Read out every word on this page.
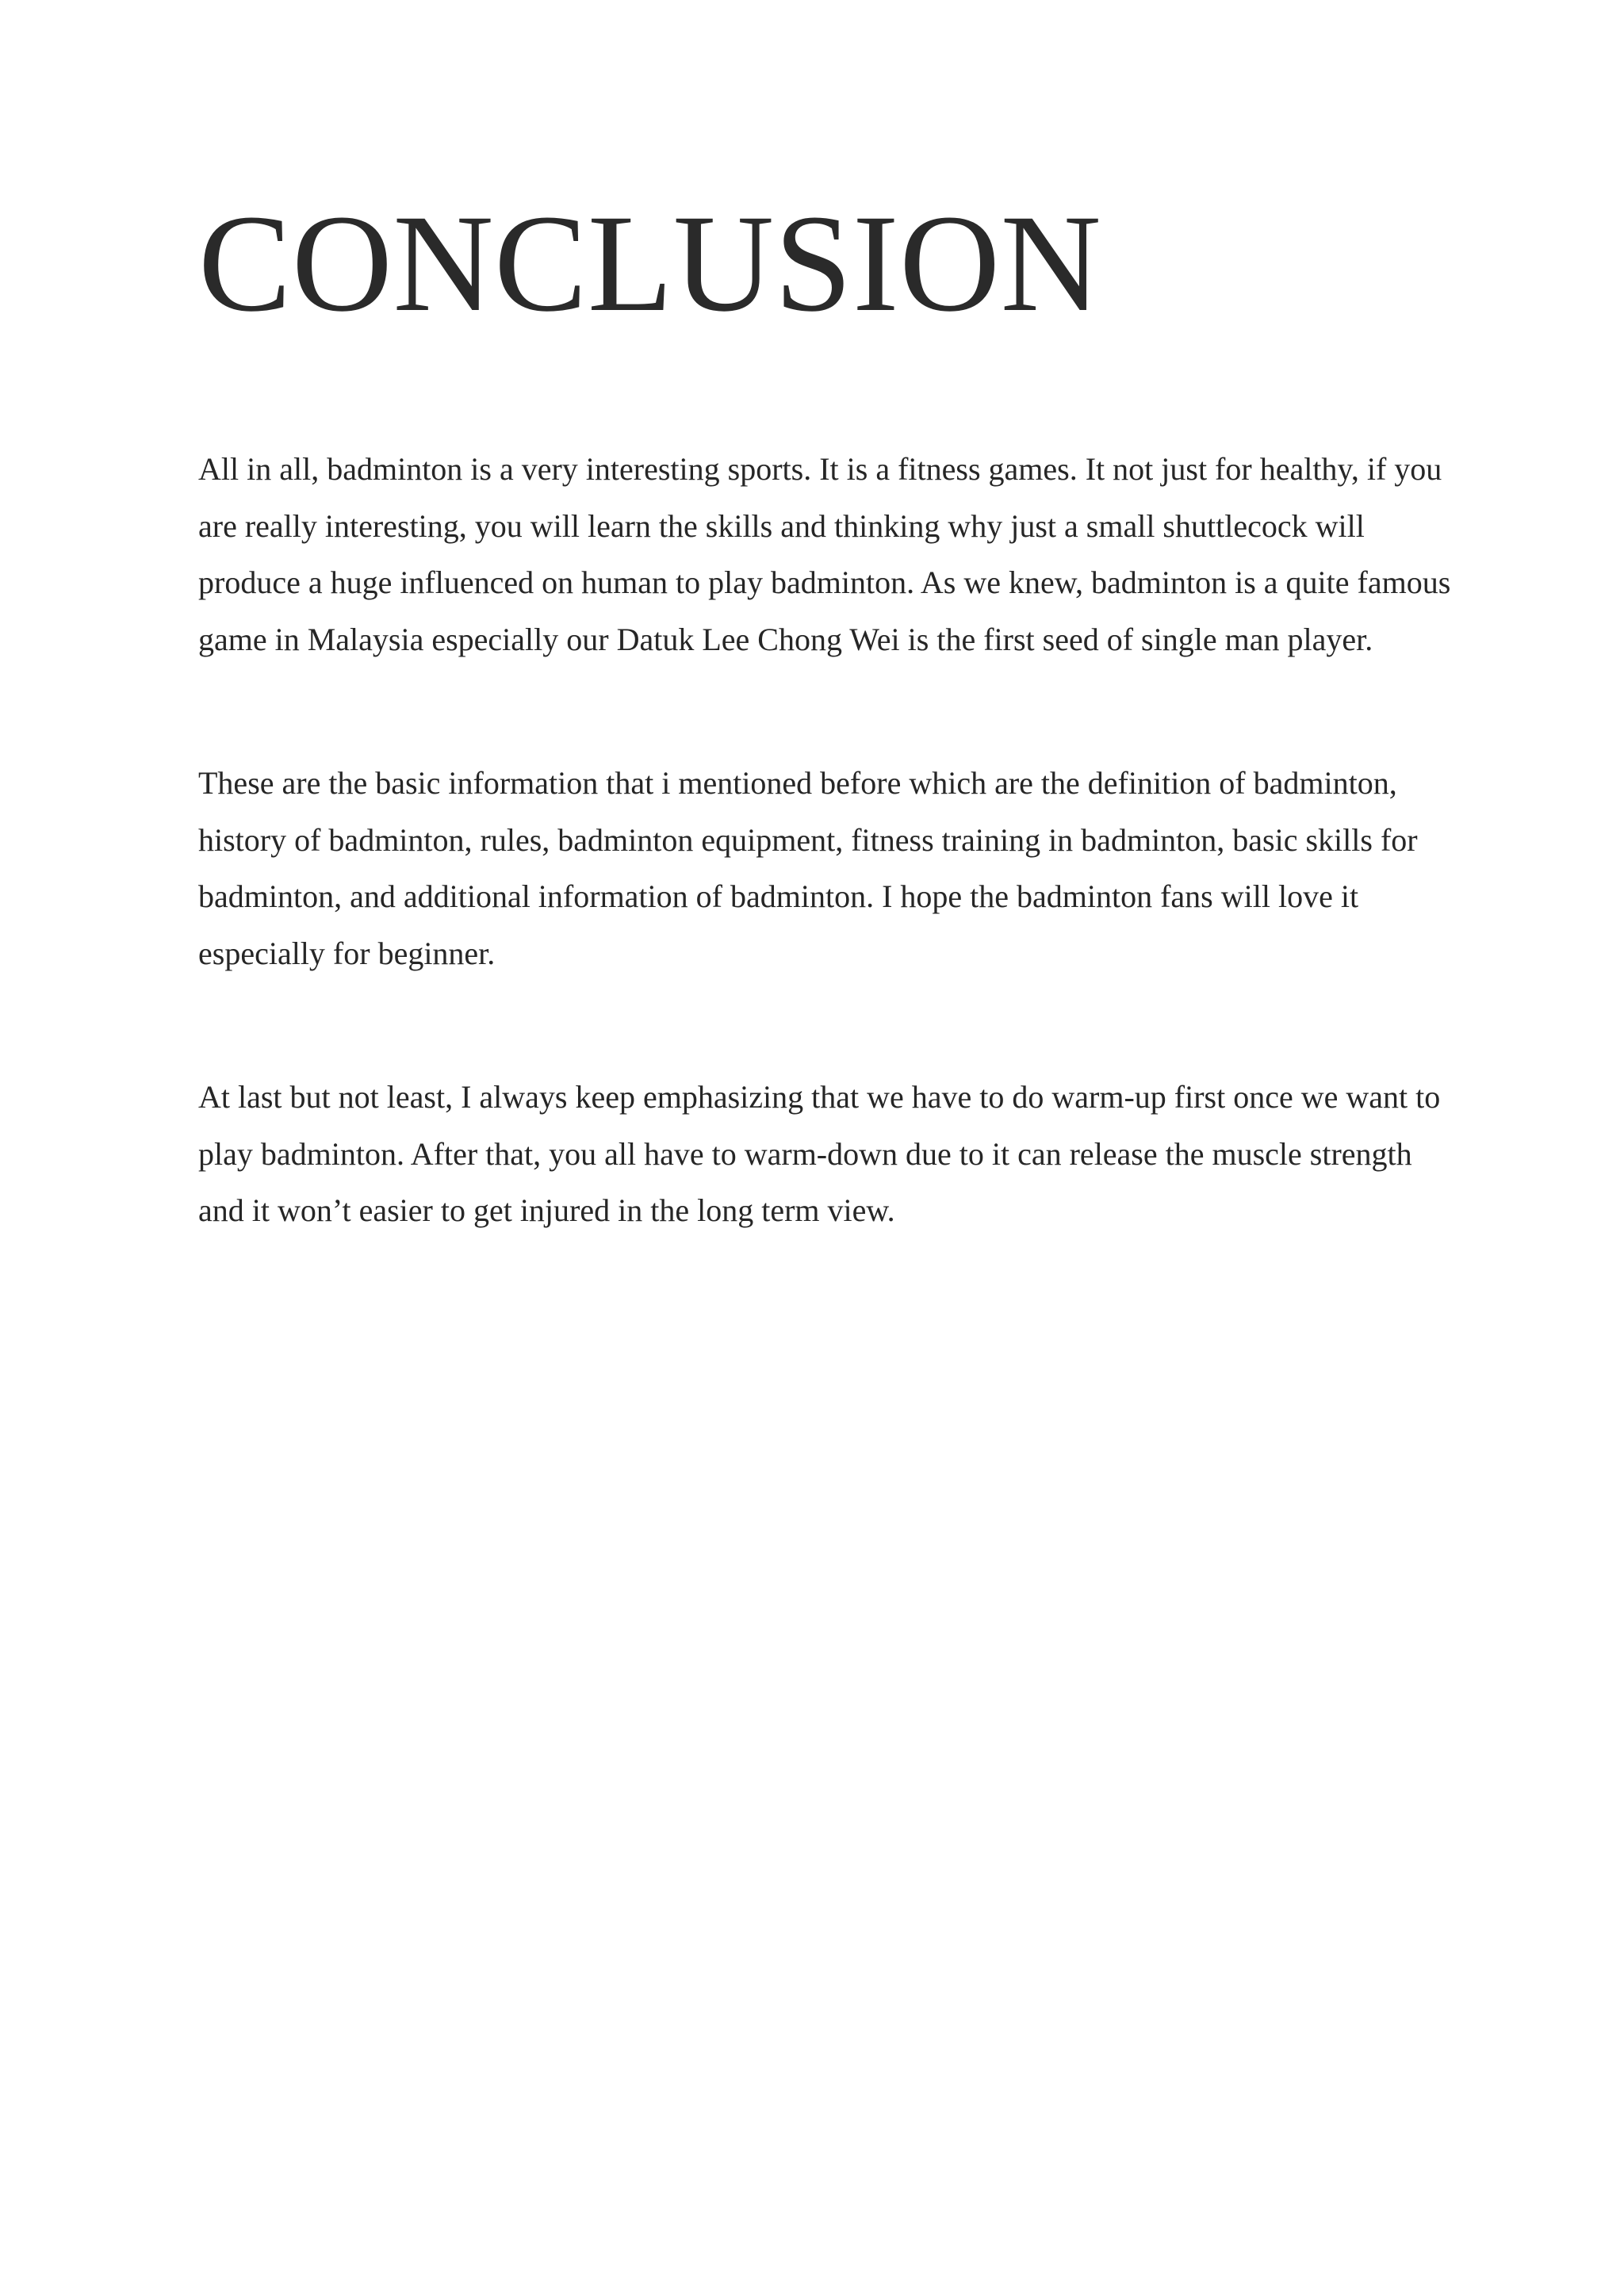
CONCLUSION

All in all, badminton is a very interesting sports. It is a fitness games. It not just for healthy, if you are really interesting, you will learn the skills and thinking why just a small shuttlecock will produce a huge influenced on human to play badminton. As we knew, badminton is a quite famous game in Malaysia especially our Datuk Lee Chong Wei is the first seed of single man player.

These are the basic information that i mentioned before which are the definition of badminton, history of badminton, rules, badminton equipment, fitness training in badminton, basic skills for badminton, and additional information of badminton. I hope the badminton fans will love it especially for beginner.

At last but not least, I always keep emphasizing that we have to do warm-up first once we want to play badminton. After that, you all have to warm-down due to it can release the muscle strength and it won’t easier to get injured in the long term view.
